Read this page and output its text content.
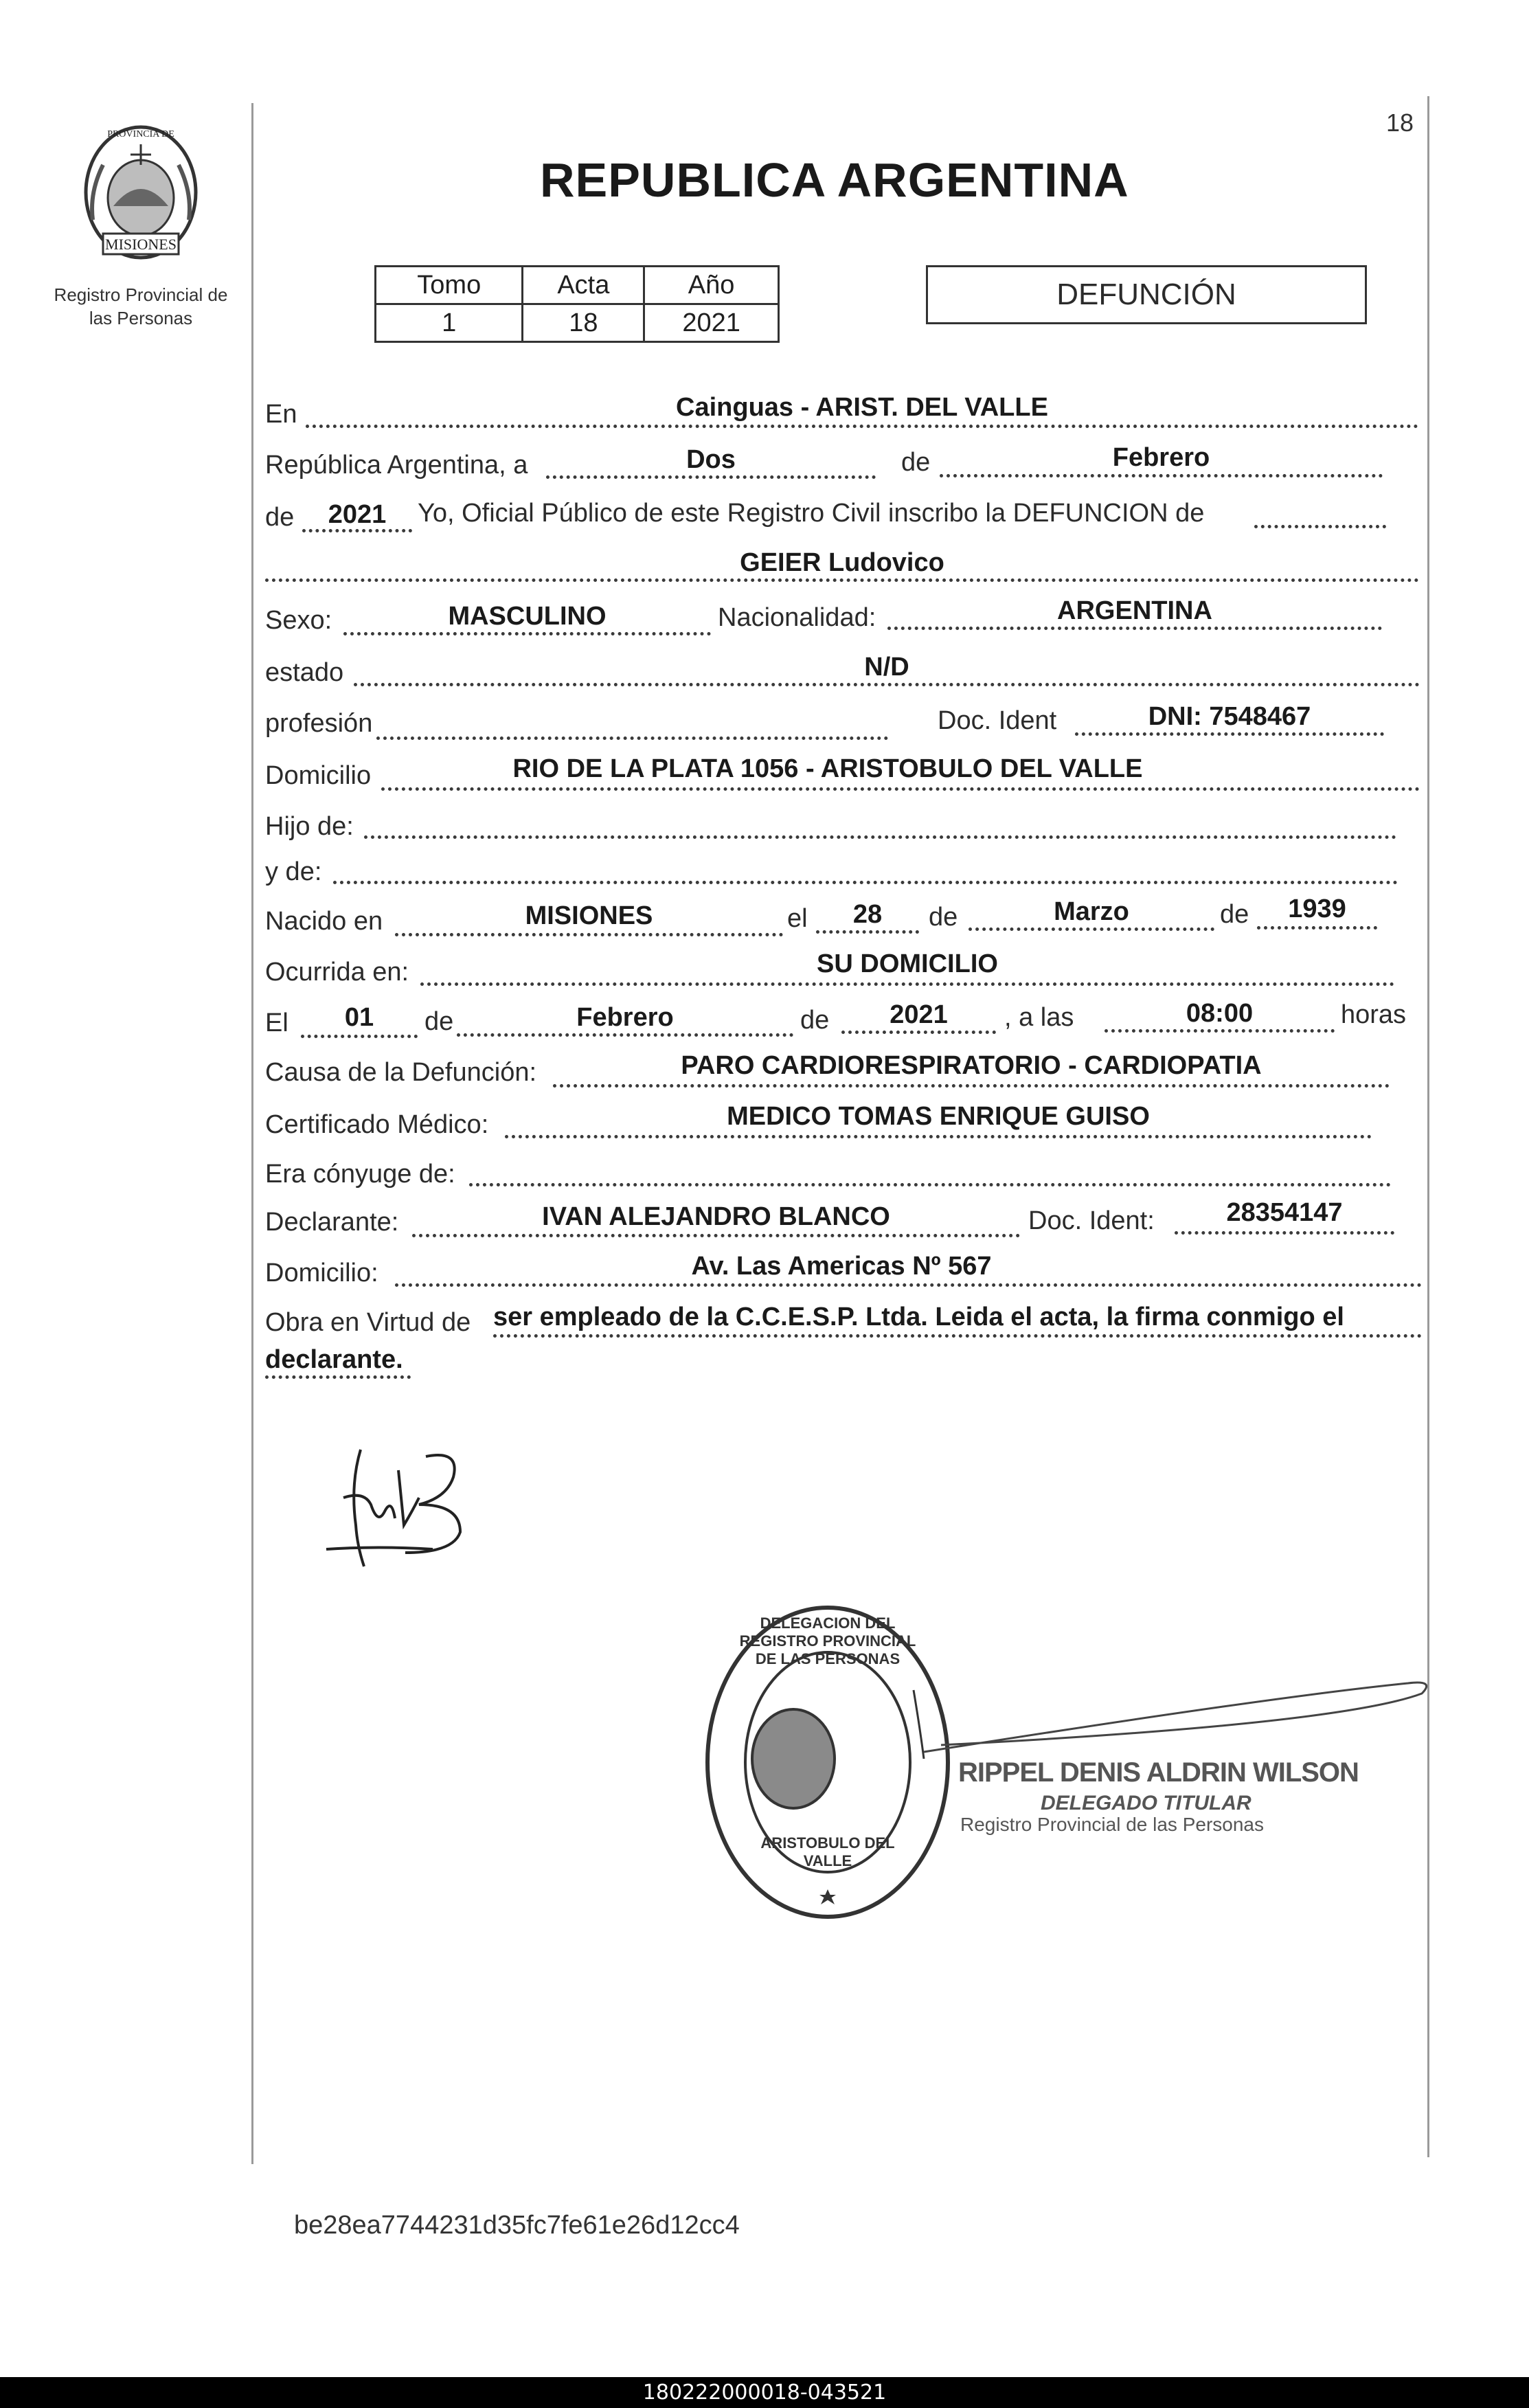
PROVINCIA DE
MISIONES
Registro Provincial de
las Personas
18
REPUBLICA ARGENTINA
Tomo	Acta	Año
1	18	2021
DEFUNCIÓN
En	Cainguas - ARIST. DEL VALLE
República Argentina, a	Dos	de	Febrero
de	2021	Yo, Oficial Público de este Registro Civil inscribo la DEFUNCION de
GEIER Ludovico
Sexo:	MASCULINO	Nacionalidad:	ARGENTINA
estado	N/D
profesión	Doc. Ident	DNI: 7548467
Domicilio	RIO DE LA PLATA 1056 - ARISTOBULO DEL VALLE
Hijo de:
y de:
Nacido en	MISIONES	el	28	de	Marzo	de	1939
Ocurrida en:	SU DOMICILIO
El	01	de	Febrero	de	2021	, a las	08:00	horas
Causa de la Defunción:	PARO CARDIORESPIRATORIO - CARDIOPATIA
Certificado Médico:	MEDICO TOMAS ENRIQUE GUISO
Era cónyuge de:
Declarante:	IVAN ALEJANDRO BLANCO	Doc. Ident:	28354147
Domicilio:	Av. Las Americas Nº 567
Obra en Virtud de ser empleado de la C.C.E.S.P. Ltda. Leida el acta, la firma conmigo el
declarante.
DELEGACION DEL REGISTRO PROVINCIAL DE LAS PERSONAS
ARISTOBULO DEL VALLE
RIPPEL DENIS ALDRIN WILSON
DELEGADO TITULAR
Registro Provincial de las Personas
be28ea7744231d35fc7fe61e26d12cc4
180222000018-043521
